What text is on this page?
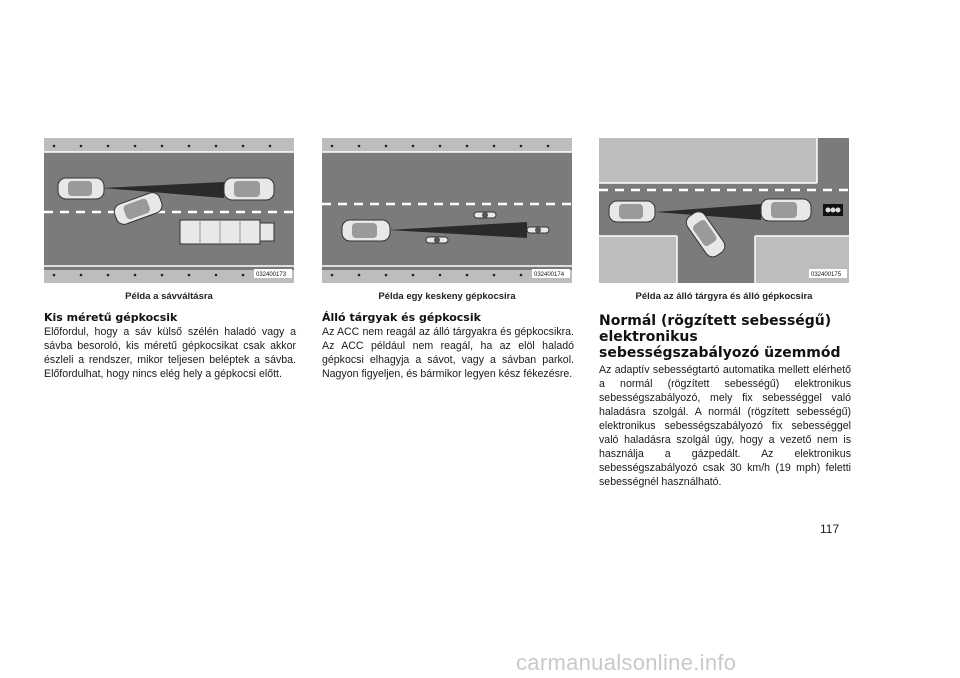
032400173	032400174	032400175
Példa a sávváltásra	Példa egy keskeny gépkocsira	Példa az álló tárgyra és álló gépkocsira
Kis méretű gépkocsik

Előfordul, hogy a sáv külső szélén haladó vagy a sávba besoroló, kis méretű gépkocsikat csak akkor észleli a rendszer, mikor teljesen beléptek a sávba. Előfordulhat, hogy nincs elég hely a gépkocsi előtt.

Álló tárgyak és gépkocsik

Az ACC nem reagál az álló tárgyakra és gépkocsikra. Az ACC például nem reagál, ha az elöl haladó gépkocsi elhagyja a sávot, vagy a sávban parkol. Nagyon figyeljen, és bármikor legyen kész fékezésre.

Normál (rögzített sebességű) elektronikus sebességszabályozó üzemmód

Az adaptív sebességtartó automatika mellett elérhető a normál (rögzített sebességű) elektronikus sebességszabályozó, mely fix sebességgel való haladásra szolgál. A normál (rögzített sebességű) elektronikus sebességszabályozó fix sebességgel való haladásra szolgál úgy, hogy a vezető nem is használja a gázpedált. Az elektronikus sebességszabályozó csak 30 km/h (19 mph) feletti sebességnél használható.

117
carmanualsonline.info
